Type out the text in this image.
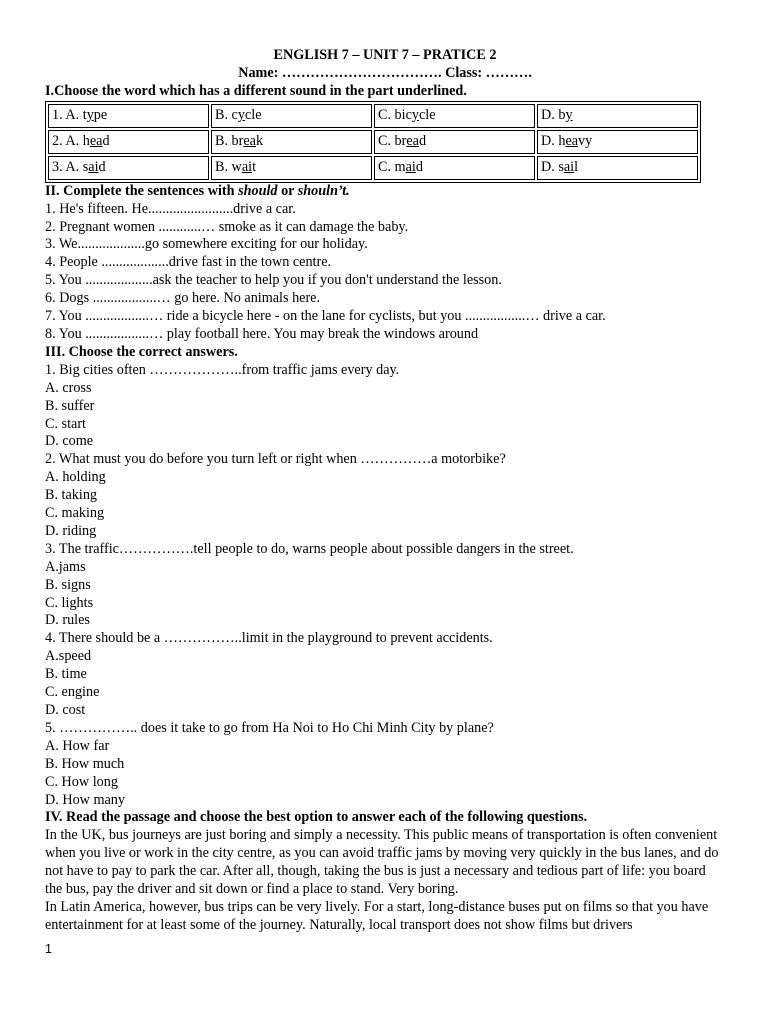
ENGLISH 7 – UNIT 7 – PRATICE 2
Name: ……………………………. Class: ……….
I.Choose the word which has a different sound in the part underlined.
1. A. type	B. cycle	C. bicycle	D. by
2. A. head	B. break	C. bread	D. heavy
3. A. said	B. wait	C. maid	D. sail
II. Complete the sentences with should or shouln’t.
1. He's fifteen. He........................drive a car.
2. Pregnant women ............… smoke as it can damage the baby.
3. We...................go somewhere exciting for our holiday.
4. People ...................drive fast in the town centre.
5. You ...................ask the teacher to help you if you don't understand the lesson.
6. Dogs ..................… go here. No animals here.
7. You ..................… ride a bicycle here - on the lane for cyclists, but you .................… drive a car.
8. You ..................… play football here. You may break the windows around
III. Choose the correct answers.
1. Big cities often ………………..from traffic jams every day.
A. cross
B. suffer
C. start
D. come
2. What must you do before you turn left or right when ……………a motorbike?
A. holding
B. taking
C. making
D. riding
3. The traffic…………….tell people to do, warns people about possible dangers in the street.
A.jams
B. signs
C. lights
D. rules
4. There should be a ……………..limit in the playground to prevent accidents.
A.speed
B. time
C. engine
D. cost
5. …………….. does it take to go from Ha Noi to Ho Chi Minh City by plane?
A. How far
B. How much
C. How long
D. How many
IV. Read the passage and choose the best option to answer each of the following questions.
In the UK, bus journeys are just boring and simply a necessity. This public means of transportation is often convenient when you live or work in the city centre, as you can avoid traffic jams by moving very quickly in the bus lanes, and do not have to pay to park the car. After all, though, taking the bus is just a necessary and tedious part of life: you board the bus, pay the driver and sit down or find a place to stand. Very boring.
In Latin America, however, bus trips can be very lively. For a start, long-distance buses put on films so that you have entertainment for at least some of the journey. Naturally, local transport does not show films but drivers
1
